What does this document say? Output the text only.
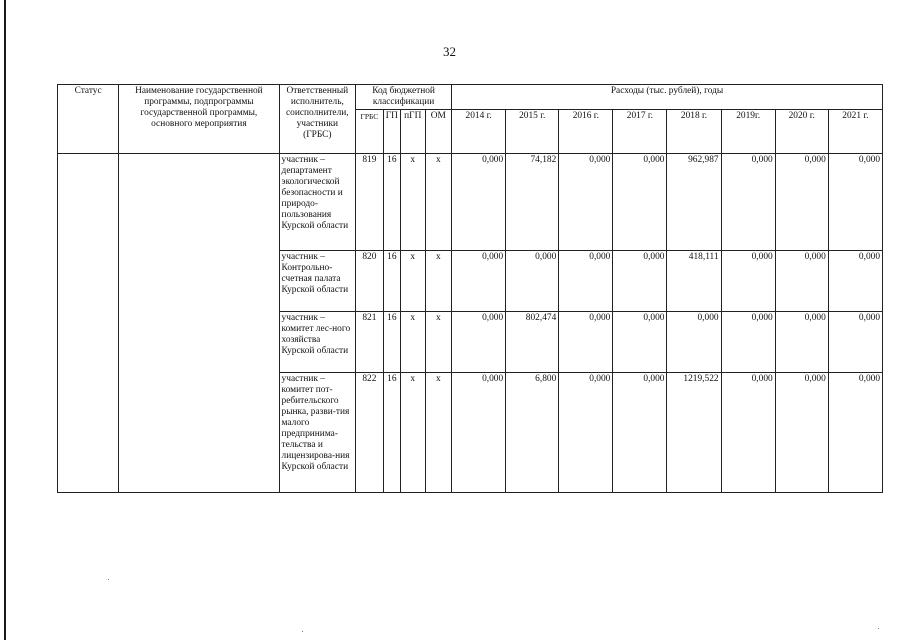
32
Статус	Наименование государственной программы, подпрограммы государственной программы, основного мероприятия	Ответственный исполнитель, соисполнители, участники (ГРБС)	Код бюджетной классификации				Расходы (тыс. рублей), годы							
			ГРБС	ГП	пГП	ОМ	2014 г.	2015 г.	2016 г.	2017 г.	2018 г.	2019г.	2020 г.	2021 г.
		участник – департамент экологической безопасности и природо-пользования Курской области	819	16	х	х	0,000	74,182	0,000	0,000	962,987	0,000	0,000	0,000
		участник – Контрольно-счетная палата Курской области	820	16	х	х	0,000	0,000	0,000	0,000	418,111	0,000	0,000	0,000
		участник – комитет лес-ного хозяйства Курской области	821	16	х	х	0,000	802,474	0,000	0,000	0,000	0,000	0,000	0,000
		участник – комитет пот-ребительского рынка, разви-тия малого предпринима-тельства и лицензирова-ния Курской области	822	16	х	х	0,000	6,800	0,000	0,000	1219,522	0,000	0,000	0,000
